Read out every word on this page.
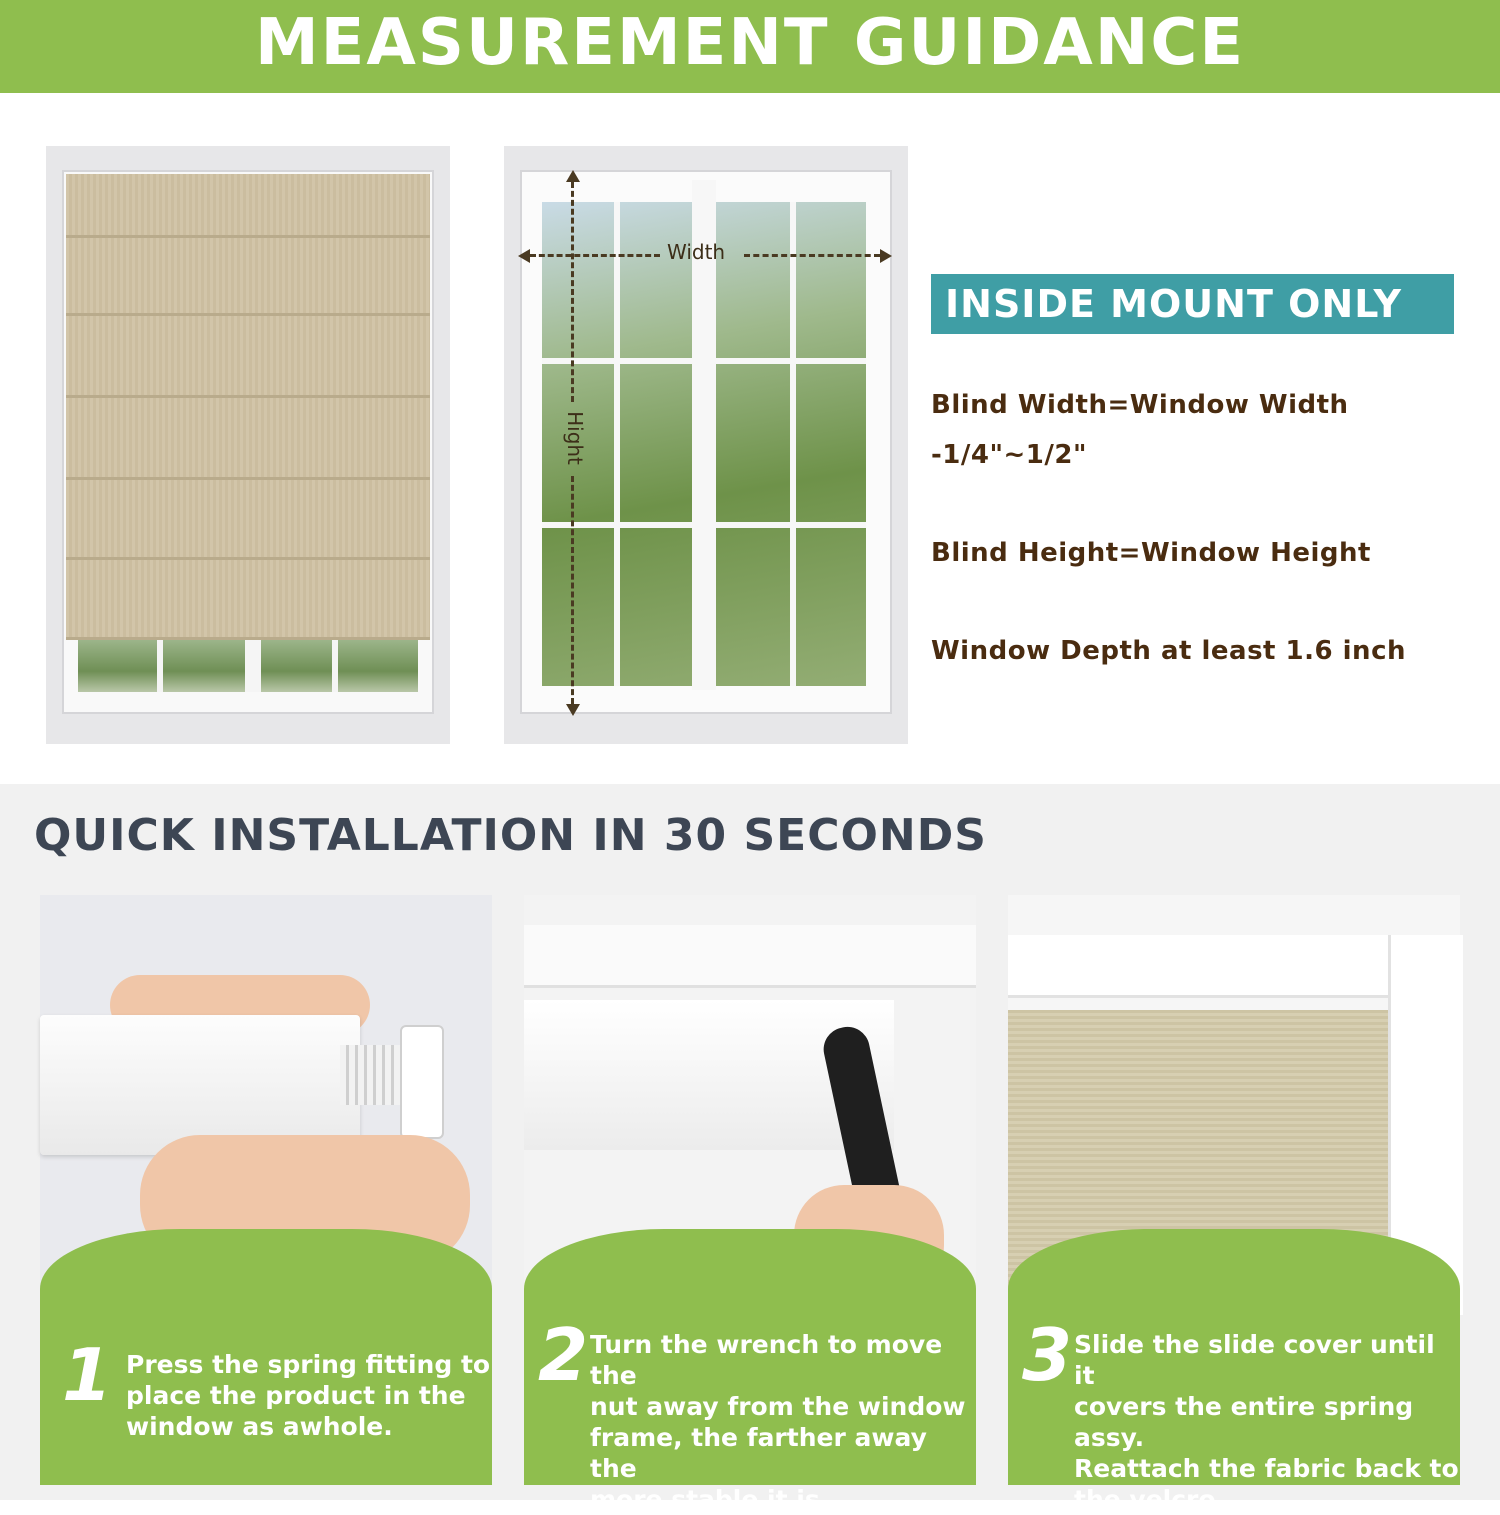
MEASUREMENT GUIDANCE
Width
Hight
INSIDE MOUNT ONLY
Blind Width=Window Width
-1/4"~1/2"
Blind Height=Window Height
Window Depth at least 1.6 inch
QUICK INSTALLATION IN 30 SECONDS
1 Press the spring fitting to
place the product in the
window as awhole.
2 Turn the wrench to move the
nut away from the window
frame, the farther away the
more stable it is.
3 Slide the slide cover until it
covers the entire spring assy.
Reattach the fabric back to
the velcro
